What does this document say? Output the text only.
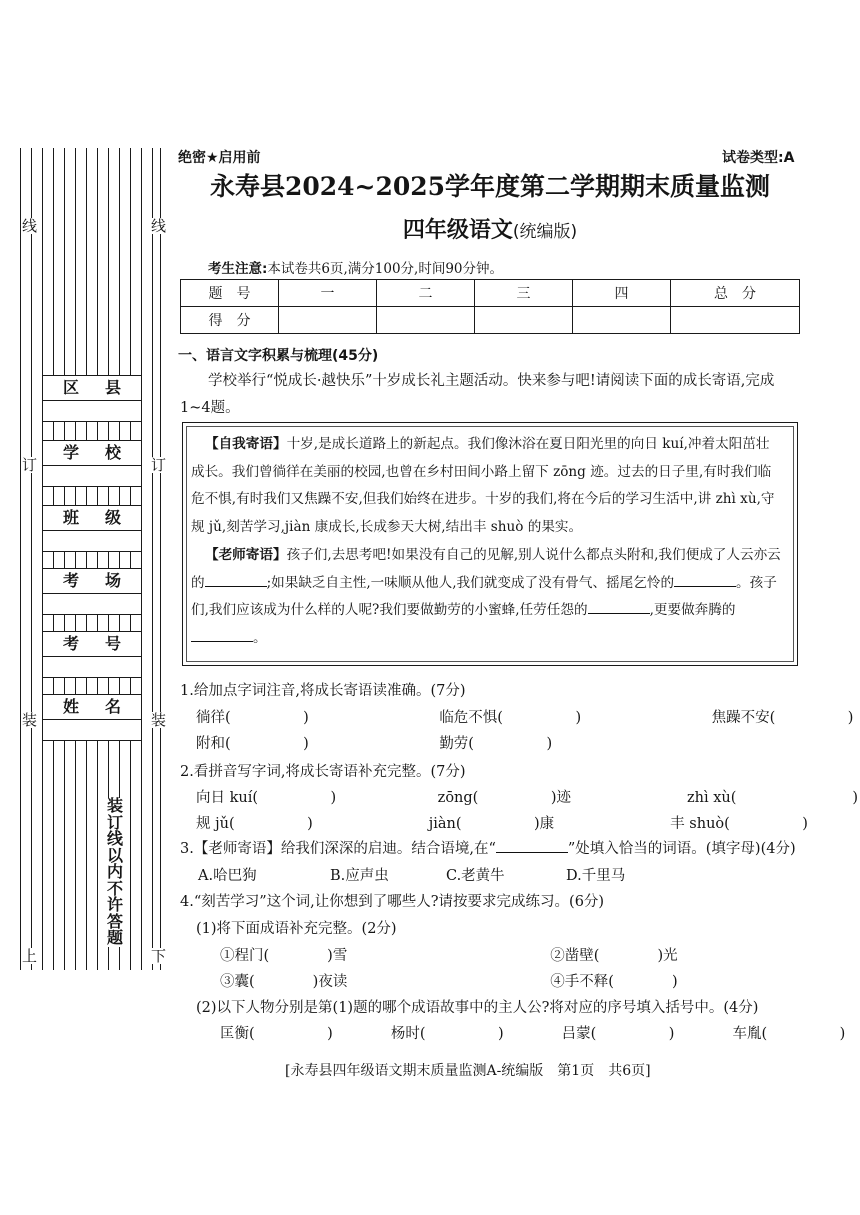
线	线
订	订
装	装
上	下
区 县
学 校
班 级
考 场
考 号
姓 名
装订线以内不许答题
绝密★启用前	试卷类型:A
永寿县2024~2025学年度第二学期期末质量监测
四年级语文(统编版)
考生注意:本试卷共6页,满分100分,时间90分钟。
题　号	一	二	三	四	总　分
得　分					
一、语言文字积累与梳理(45分)
学校举行“悦成长·越快乐”十岁成长礼主题活动。快来参与吧!请阅读下面的成长寄语,完成1~4题。
【自我寄语】十岁,是成长道路上的新起点。我们像沐浴在夏日阳光里的向日 kuí,冲着太阳茁壮成长。我们曾徜徉在美丽的校园,也曾在乡村田间小路上留下 zōng 迹。过去的日子里,有时我们临危不惧,有时我们又焦躁不安,但我们始终在进步。十岁的我们,将在今后的学习生活中,讲 zhì xù,守规 jǔ,刻苦学习,jiàn 康成长,长成参天大树,结出丰 shuò 的果实。
【老师寄语】孩子们,去思考吧!如果没有自己的见解,别人说什么都点头附和,我们便成了人云亦云的	;如果缺乏自主性,一味顺从他人,我们就变成了没有骨气、摇尾乞怜的	。孩子们,我们应该成为什么样的人呢?我们要做勤劳的小蜜蜂,任劳任怨的	,更要做奔腾的。
1.给加点字词注音,将成长寄语读准确。(7分)
徜徉(　　　　　)　　　　　　　　　临危不惧(　　　　　)　　　　　　　　　焦躁不安(　　　　　)
附和(　　　　　)　　　　　　　　　勤劳(　　　　　)
2.看拼音写字词,将成长寄语补充完整。(7分)
向日 kuí(　　　　　)　　　　　　　zōng(　　　　　)迹　　　　　　　　zhì xù(　　　　　　　　)
规 jǔ(　　　　　)　　　　　　　　jiàn(　　　　　)康　　　　　　　　丰 shuò(　　　　　)
3.【老师寄语】给我们深深的启迪。结合语境,在“	”处填入恰当的词语。(填字母)(4分)
A.哈巴狗	B.应声虫	C.老黄牛	D.千里马
4.“刻苦学习”这个词,让你想到了哪些人?请按要求完成练习。(6分)
(1)将下面成语补充完整。(2分)
①程门(　　　　)雪　　　　　　　　　　　　　　②凿壁(　　　　)光
③囊(　　　　)夜读　　　　　　　　　　　　　　④手不释(　　　　)
(2)以下人物分别是第(1)题的哪个成语故事中的主人公?将对应的序号填入括号中。(4分)
匡衡(　　　　　)　　　　杨时(　　　　　)　　　　吕蒙(　　　　　)　　　　车胤(　　　　　)
[永寿县四年级语文期末质量监测A-统编版　第1页　共6页]
